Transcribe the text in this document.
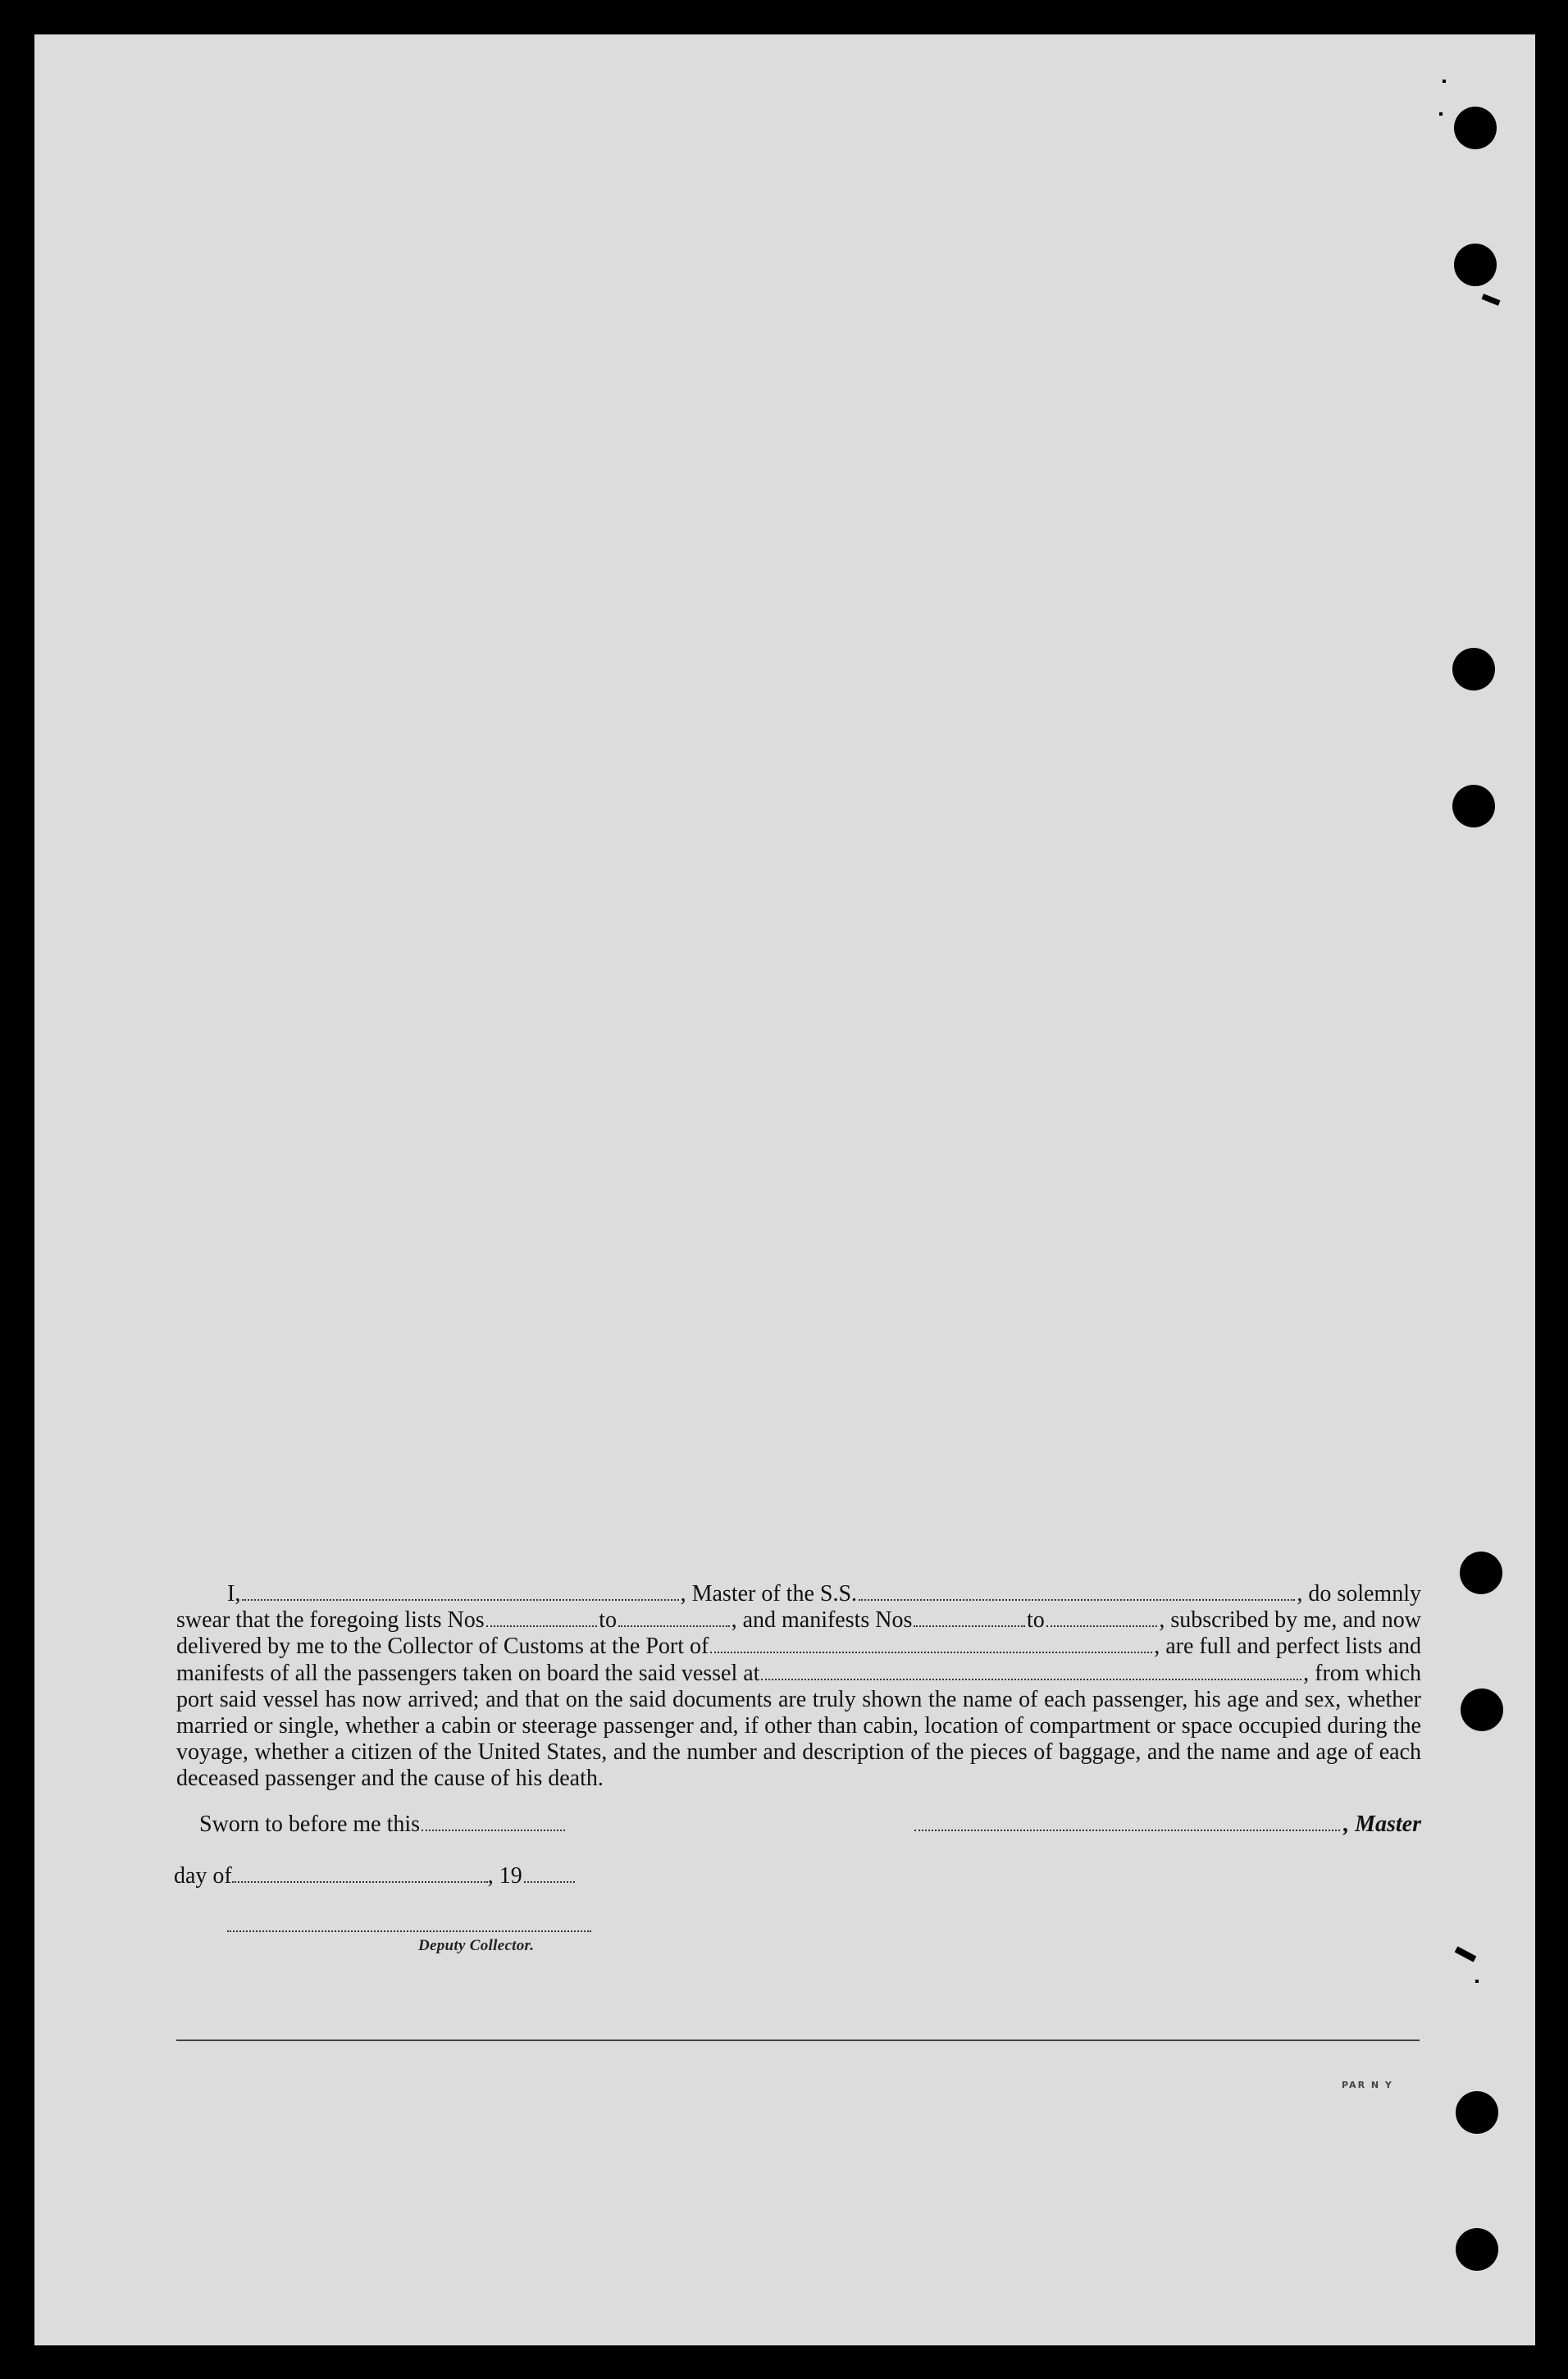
I,	, Master of the S.S.	, do solemnly
swear that the foregoing lists Nos	to	, and manifests Nos	to	, subscribed by me, and now
delivered by me to the Collector of Customs at the Port of	, are full and perfect lists and
manifests of all the passengers taken on board the said vessel at	, from which
port said vessel has now arrived; and that on the said documents are truly shown the name of each passenger, his age and sex, whether married or single, whether a cabin or steerage passenger and, if other than cabin, location of compartment or space occupied during the voyage, whether a citizen of the United States, and the number and description of the pieces of baggage, and the name and age of each deceased passenger and the cause of his death.
Sworn to before me this	, Master
day of	, 19
Deputy Collector.
PAR N Y
